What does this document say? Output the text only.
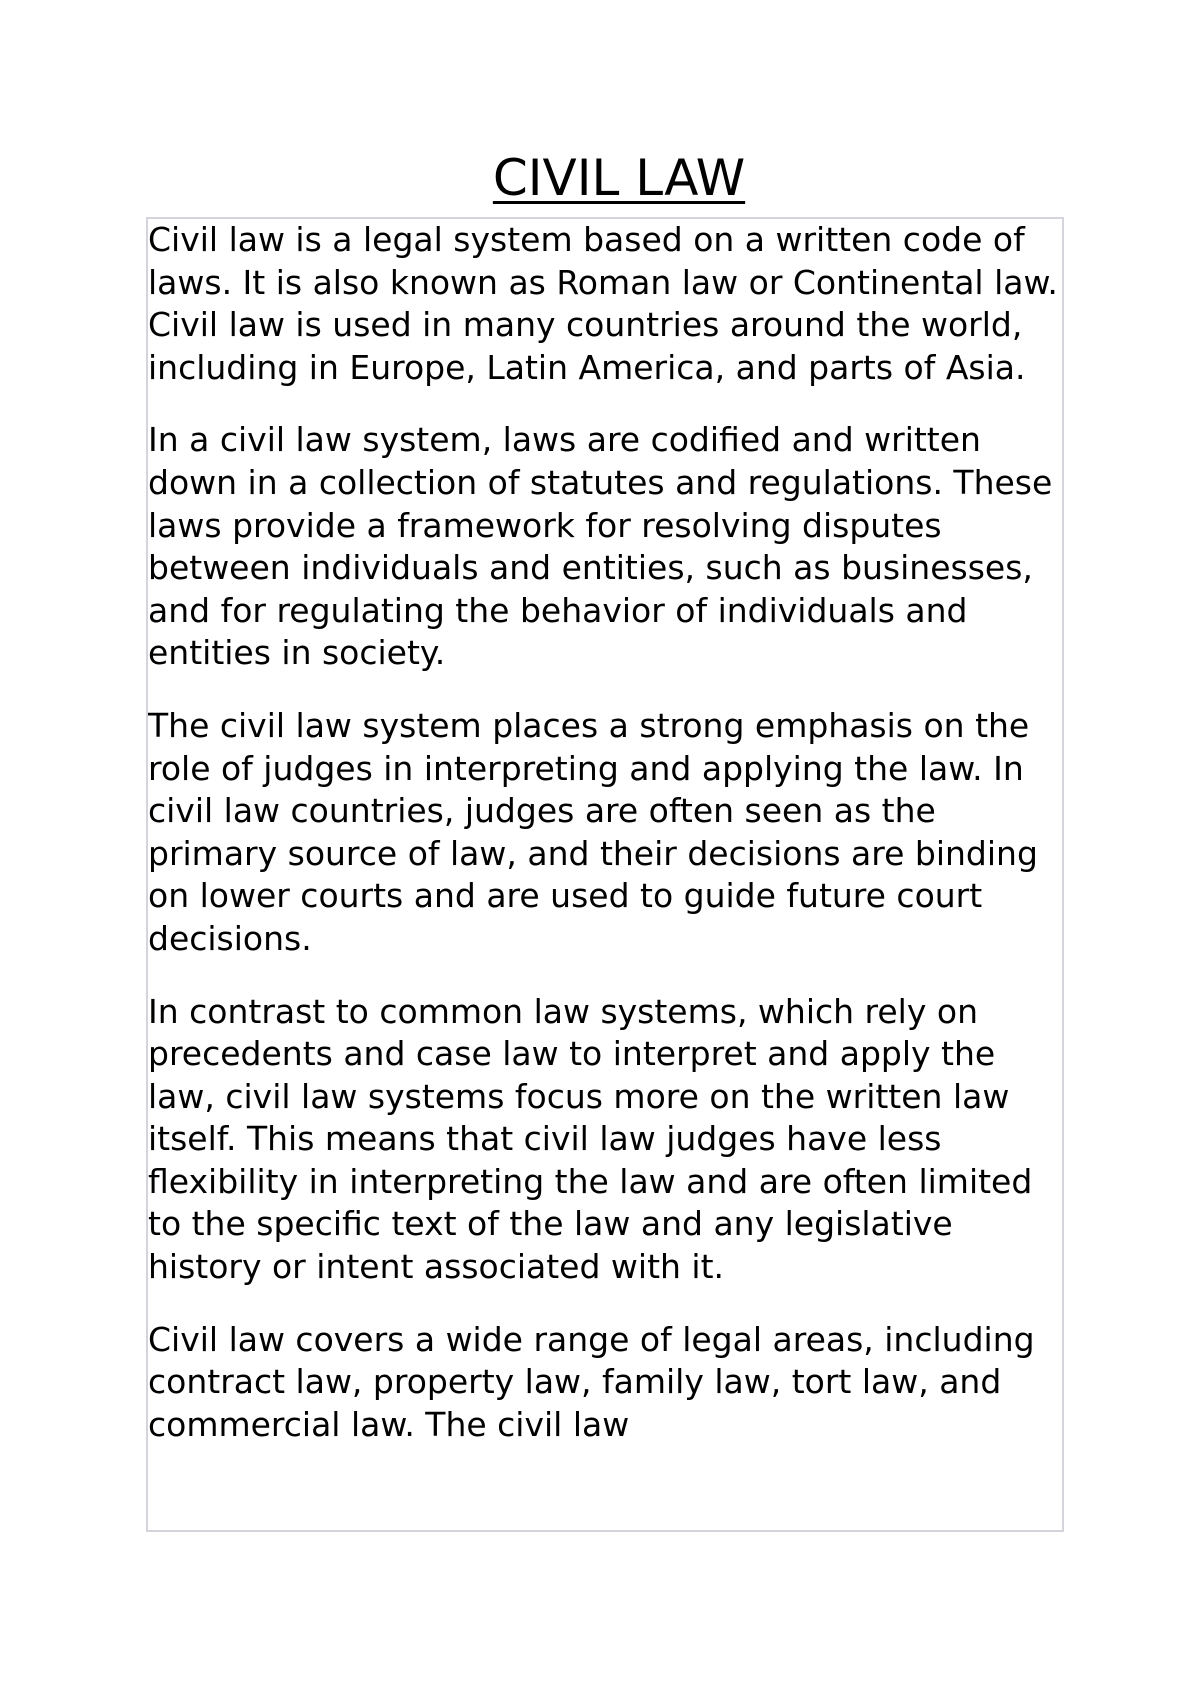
CIVIL LAW

Civil law is a legal system based on a written code of laws. It is also known as Roman law or Continental law. Civil law is used in many countries around the world, including in Europe, Latin America, and parts of Asia.

In a civil law system, laws are codified and written down in a collection of statutes and regulations. These laws provide a framework for resolving disputes between individuals and entities, such as businesses, and for regulating the behavior of individuals and entities in society.

The civil law system places a strong emphasis on the role of judges in interpreting and applying the law. In civil law countries, judges are often seen as the primary source of law, and their decisions are binding on lower courts and are used to guide future court decisions.

In contrast to common law systems, which rely on precedents and case law to interpret and apply the law, civil law systems focus more on the written law itself. This means that civil law judges have less flexibility in interpreting the law and are often limited to the specific text of the law and any legislative history or intent associated with it.

Civil law covers a wide range of legal areas, including contract law, property law, family law, tort law, and commercial law. The civil law
